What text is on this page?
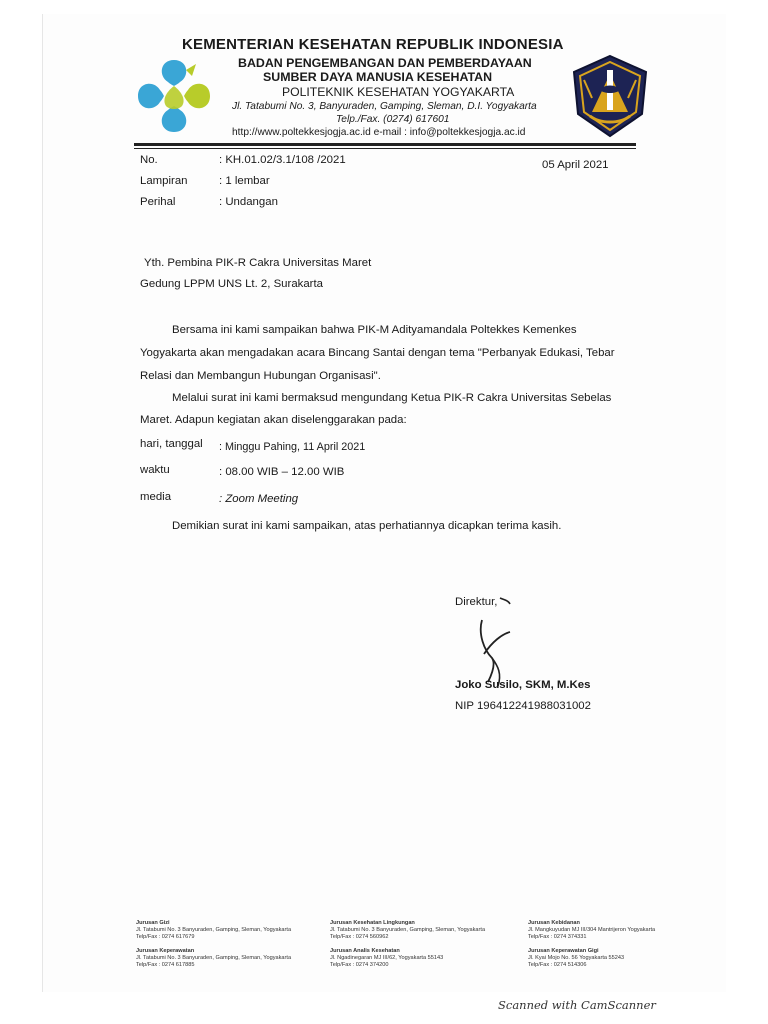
KEMENTERIAN KESEHATAN REPUBLIK INDONESIA
BADAN PENGEMBANGAN DAN PEMBERDAYAAN
SUMBER DAYA MANUSIA KESEHATAN
POLITEKNIK KESEHATAN YOGYAKARTA
Jl. Tatabumi No. 3, Banyuraden, Gamping, Sleman, D.I. Yogyakarta
Telp./Fax. (0274) 617601
http://www.poltekkesjogja.ac.id e-mail : info@poltekkesjogja.ac.id
No.	: KH.01.02/3.1/108 /2021	05 April 2021
Lampiran	: 1 lembar
Perihal	: Undangan
Yth. Pembina PIK-R Cakra Universitas Maret
Gedung LPPM UNS Lt. 2, Surakarta
Bersama ini kami sampaikan bahwa PIK-M Adityamandala Poltekkes Kemenkes
Yogyakarta akan mengadakan acara Bincang Santai dengan tema "Perbanyak Edukasi, Tebar
Relasi dan Membangun Hubungan Organisasi".
Melalui surat ini kami bermaksud mengundang Ketua PIK-R Cakra Universitas Sebelas
Maret. Adapun kegiatan akan diselenggarakan pada:
hari, tanggal : Minggu Pahing, 11 April 2021
waktu	: 08.00 WIB – 12.00 WIB
media	: Zoom Meeting
Demikian surat ini kami sampaikan, atas perhatiannya dicapkan terima kasih.
Direktur,
Joko Susilo, SKM, M.Kes
NIP 196412241988031002
Jurusan Gizi
Jl. Tatabumi No. 3 Banyuraden, Gamping, Sleman, Yogyakarta
Telp/Fax : 0274 617679
Jurusan Keperawatan
Jl. Tatabumi No. 3 Banyuraden, Gamping, Sleman, Yogyakarta
Telp/Fax : 0274 617885
Jurusan Kesehatan Lingkungan
Jl. Tatabumi No. 3 Banyuraden, Gamping, Sleman, Yogyakarta
Telp/Fax : 0274 560962
Jurusan Analis Kesehatan
Jl. Ngadinegaran MJ III/62, Yogyakarta 55143
Telp/Fax : 0274 374200
Jurusan Kebidanan
Jl. Mangkuyudan MJ III/304 Mantrijeron Yogyakarta
Telp/Fax : 0274 374331
Jurusan Keperawatan Gigi
Jl. Kyai Mojo No. 56 Yogyakarta 55243
Telp/Fax : 0274 514306
Scanned with CamScanner
